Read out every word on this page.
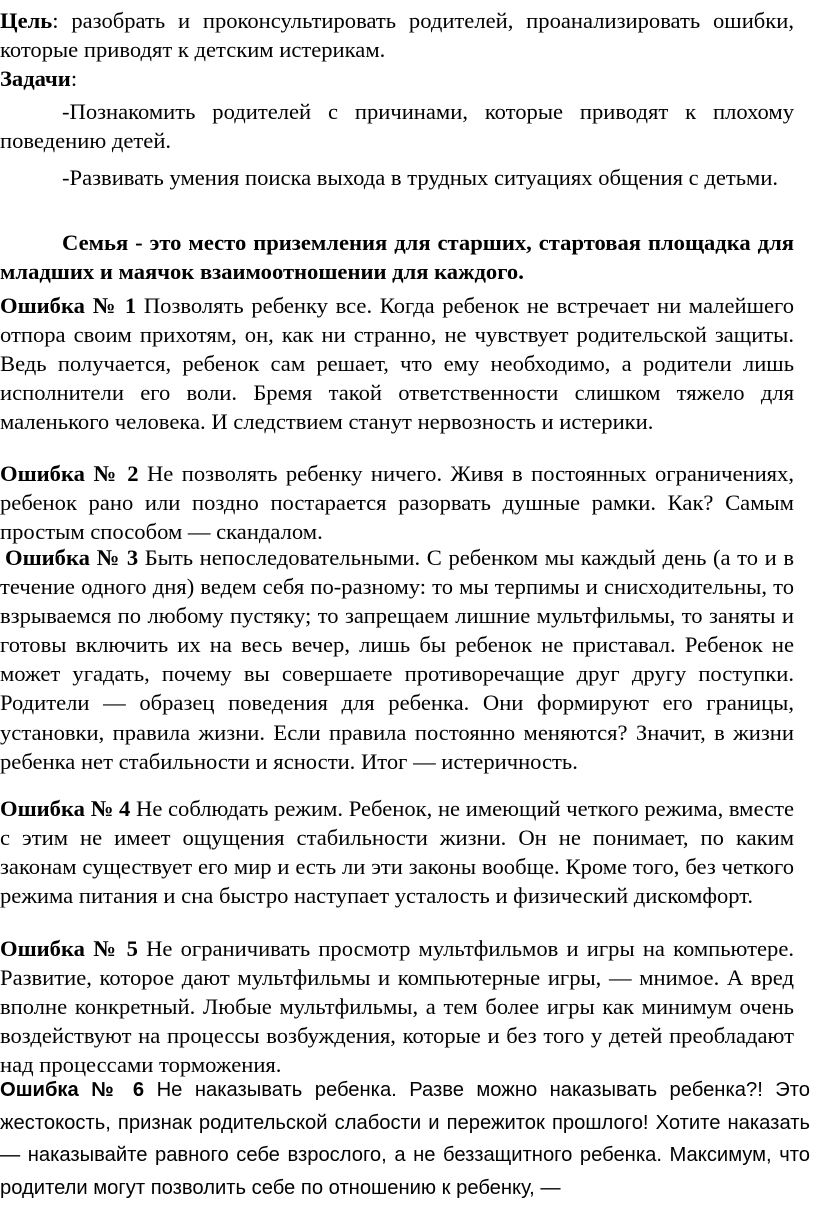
Цель: разобрать и проконсультировать родителей, проанализировать ошибки, которые приводят к детским истерикам.

Задачи:

-Познакомить родителей с причинами, которые приводят к плохому поведению детей.

-Развивать умения поиска выхода в трудных ситуациях общения с детьми.

Семья - это место приземления для старших, стартовая площадка для младших и маячок взаимоотношении для каждого.

Ошибка № 1 Позволять ребенку все. Когда ребенок не встречает ни малейшего отпора своим прихотям, он, как ни странно, не чувствует родительской защиты. Ведь получается, ребенок сам решает, что ему необходимо, а родители лишь исполнители его воли. Бремя такой ответственности слишком тяжело для маленького человека. И следствием станут нервозность и истерики.

Ошибка № 2 Не позволять ребенку ничего. Живя в постоянных ограничениях, ребенок рано или поздно постарается разорвать душные рамки. Как? Самым простым способом — скандалом.

Ошибка № 3 Быть непоследовательными. С ребенком мы каждый день (а то и в течение одного дня) ведем себя по-разному: то мы терпимы и снисходительны, то взрываемся по любому пустяку; то запрещаем лишние мультфильмы, то заняты и готовы включить их на весь вечер, лишь бы ребенок не приставал. Ребенок не может угадать, почему вы совершаете противоречащие друг другу поступки. Родители — образец поведения для ребенка. Они формируют его границы, установки, правила жизни. Если правила постоянно меняются? Значит, в жизни ребенка нет стабильности и ясности. Итог — истеричность.

Ошибка № 4 Не соблюдать режим. Ребенок, не имеющий четкого режима, вместе с этим не имеет ощущения стабильности жизни. Он не понимает, по каким законам существует его мир и есть ли эти законы вообще. Кроме того, без четкого режима питания и сна быстро наступает усталость и физический дискомфорт.

Ошибка № 5 Не ограничивать просмотр мультфильмов и игры на компьютере. Развитие, которое дают мультфильмы и компьютерные игры, — мнимое. А вред вполне конкретный. Любые мультфильмы, а тем более игры как минимум очень воздействуют на процессы возбуждения, которые и без того у детей преобладают над процессами торможения.

Ошибка № 6 Не наказывать ребенка. Разве можно наказывать ребенка?! Это жестокость, признак родительской слабости и пережиток прошлого! Хотите наказать — наказывайте равного себе взрослого, а не беззащитного ребенка. Максимум, что родители могут позволить себе по отношению к ребенку, —
